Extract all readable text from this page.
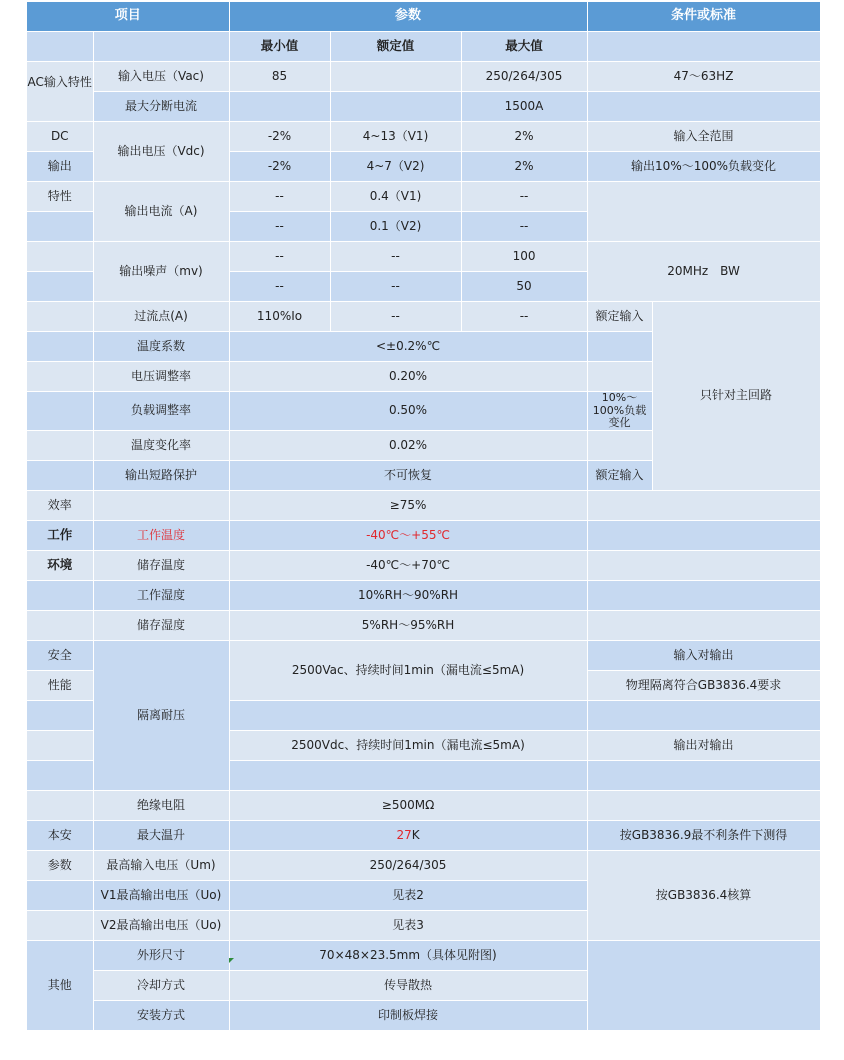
项目		参数			条件或标准	
		最小值	额定值	最大值		
AC输入特性	输入电压（Vac)	85		250/264/305	47～63HZ	
	最大分断电流			1500A		
DC	输出电压（Vdc)	-2%	4~13（V1)	2%	输入全范围	
输出		-2%	4~7（V2)	2%	输出10%～100%负载变化	
特性	输出电流（A)	--	0.4（V1)	--		
		--	0.1（V2)	--		
	输出噪声（mv)	--	--	100	20MHz　BW	
		--	--	50		
	过流点(A)	110%Io	--	--	额定输入	只针对主回路
	温度系数	<±0.2%℃				
	电压调整率	0.20%				
	负载调整率	0.50%			10%～100%负载变化	
	温度变化率	0.02%				
	输出短路保护	不可恢复			额定输入	
效率		≥75%				
工作	工作温度	-40℃～+55℃				
环境	储存温度	-40℃～+70℃				
	工作湿度	10%RH～90%RH				
	储存湿度	5%RH～95%RH				
安全	隔离耐压	2500Vac、持续时间1min（漏电流≤5mA)			输入对输出	
性能					物理隔离符合GB3836.4要求	

		2500Vdc、持续时间1min（漏电流≤5mA)			输出对输出	

	绝缘电阻	≥500MΩ				
本安	最大温升	27K			按GB3836.9最不利条件下测得	
参数	最高输入电压（Um)	250/264/305			按GB3836.4核算	
	V1最高输出电压（Uo)	见表2				
	V2最高输出电压（Uo)	见表3				
其他	外形尺寸	70×48×23.5mm（具体见附图)				
	冷却方式	传导散热				
	安装方式	印制板焊接				
